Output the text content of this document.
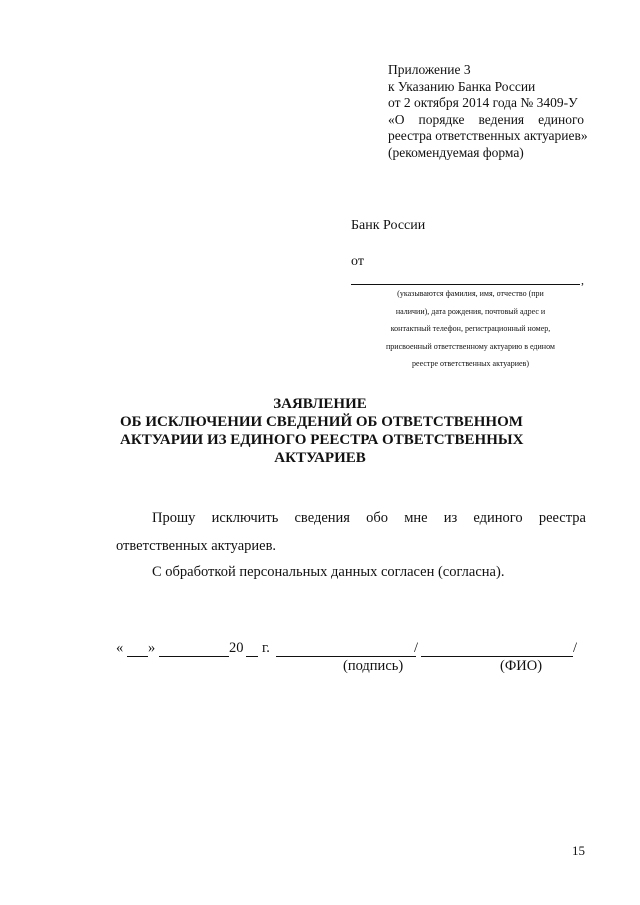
Приложение 3
к Указанию Банка России
от 2 октября 2014 года № 3409-У
«О порядке ведения единого
реестра ответственных актуариев»
(рекомендуемая форма)
Банк России
от
,
(указываются фамилия, имя, отчество (при
наличии), дата рождения, почтовый адрес и
контактный телефон, регистрационный номер,
присвоенный ответственному актуарию в едином
реестре ответственных актуариев)
ЗАЯВЛЕНИЕ
ОБ ИСКЛЮЧЕНИИ СВЕДЕНИЙ ОБ ОТВЕТСТВЕННОМ
АКТУАРИИ ИЗ ЕДИНОГО РЕЕСТРА ОТВЕТСТВЕННЫХ
АКТУАРИЕВ
Прошу исключить сведения обо мне из единого реестра
ответственных актуариев.
С обработкой персональных данных согласен (согласна).
« »	20 г.	/	/
(подпись)	(ФИО)
15
